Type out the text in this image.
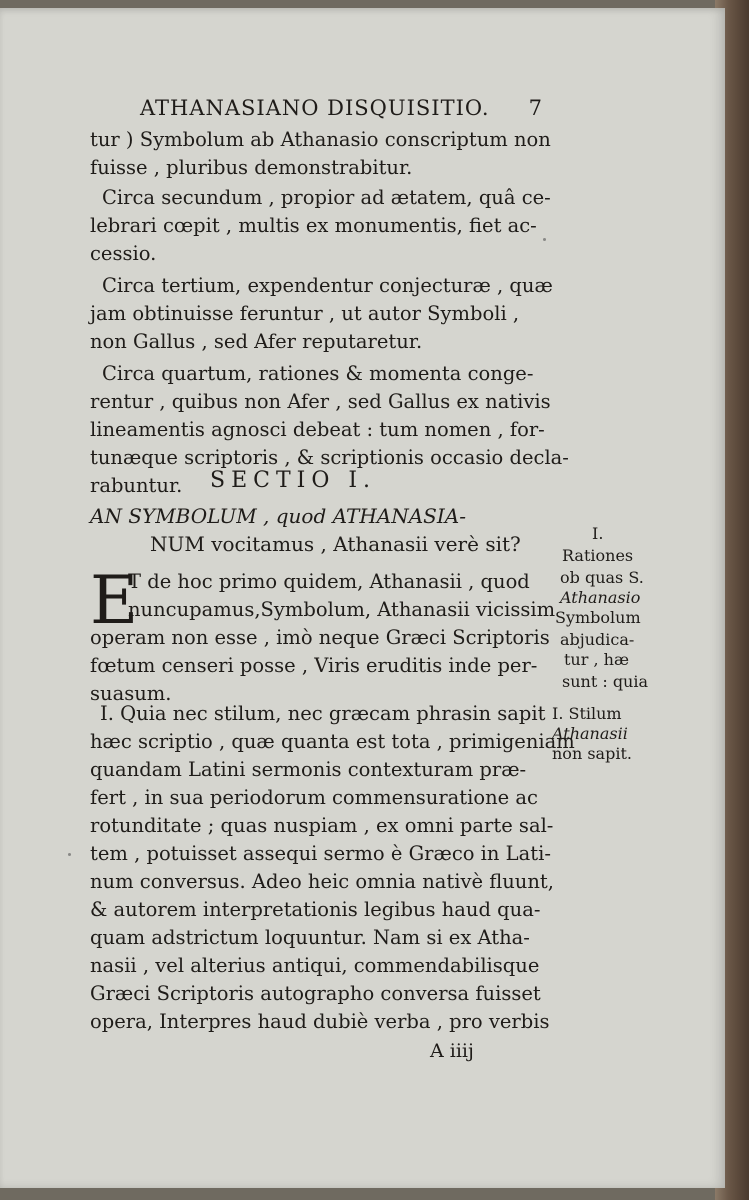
ATHANASIANO DISQUISITIO. 7
tur ) Symbolum ab Athanasio conscriptum non
fuisse , pluribus demonstrabitur.
Circa secundum , propior ad ætatem, quâ ce-
lebrari cœpit , multis ex monumentis, fiet ac-
cessio.
Circa tertium, expendentur conjecturæ , quæ
jam obtinuisse feruntur , ut autor Symboli ,
non Gallus , sed Afer reputaretur.
Circa quartum, rationes & momenta conge-
rentur , quibus non Afer , sed Gallus ex nativis
lineamentis agnosci debeat : tum nomen , for-
tunæque scriptoris , & scriptionis occasio decla-
rabuntur. SECTIO I.
AN SYMBOLUM , quod ATHANASIA-
NUM vocitamus , Athanasii verè sit?
E
T de hoc primo quidem, Athanasii , quod
nuncupamus,Symbolum, Athanasii vicissim
operam non esse , imò neque Græci Scriptoris
fœtum censeri posse , Viris eruditis inde per-
suasum.
I. Quia nec stilum, nec græcam phrasin sapit
hæc scriptio , quæ quanta est tota , primigeniam
quandam Latini sermonis contexturam præ-
fert , in sua periodorum commensuratione ac
rotunditate ; quas nuspiam , ex omni parte sal-
tem , potuisset assequi sermo è Græco in Lati-
num conversus. Adeo heic omnia nativè fluunt,
& autorem interpretationis legibus haud qua-
quam adstrictum loquuntur. Nam si ex Atha-
nasii , vel alterius antiqui, commendabilisque
Græci Scriptoris autographo conversa fuisset
opera, Interpres haud dubiè verba , pro verbis
A iiij
I.
Rationes
ob quas S.
Athanasio
Symbolum
abjudica-
tur , hæ
sunt : quia
I. Stilum
Athanasii
non sapit.
